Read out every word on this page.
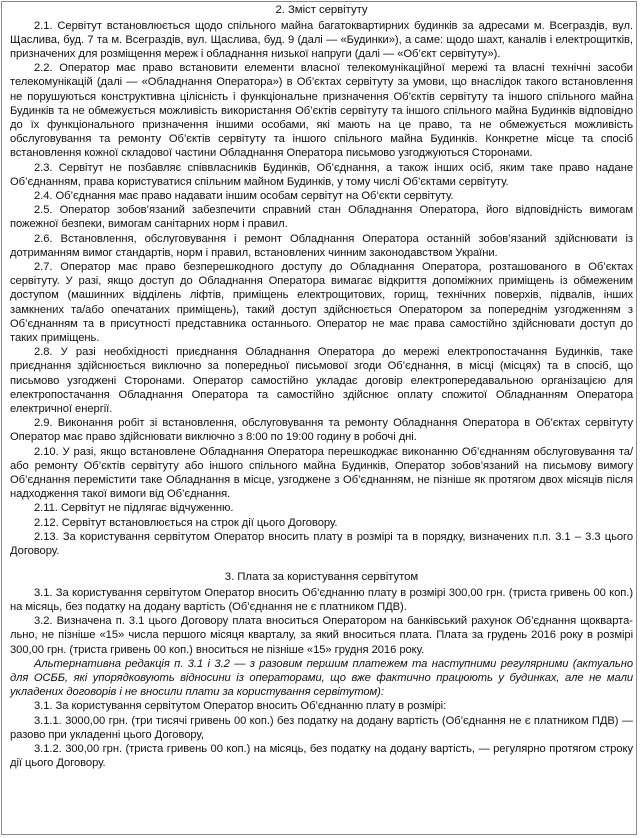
2. Зміст сервітуту

2.1. Сервітут встановлюється щодо спільного майна багатоквартирних будинків за адресами м. Всеграздів, вул. Щаслива, буд. 7 та м. Всеграздів, вул. Щаслива, буд. 9 (далі — «Будинки»), а саме: щодо шахт, каналів і електрощитків, призначених для розміщення мереж і обладнання низької напруги (далі — «Об’єкт сервітуту»).

2.2. Оператор має право встановити елементи власної телекомунікаційної мережі та власні технічні засоби телекомунікацій (далі — «Обладнання Оператора») в Об’єктах сервітуту за умови, що внаслідок такого встановлення не порушуються конструктивна цілісність і функціональне призначення Об’єктів сервітуту та іншого спільного майна Будинків та не обмежується можливість використання Об’єктів сервітуту та іншого спільного майна Будинків відповідно до їх функціонального призначення іншими особами, які мають на це право, та не обмежується можливість обслуговування та ремонту Об’єктів сервітуту та іншого спільного майна Будинків. Конкретне місце та спосіб встановлення кожної складової частини Обладнання Оператора письмово узгоджуються Сторонами.

2.3. Сервітут не позбавляє співвласників Будинків, Об’єднання, а також інших осіб, яким таке право надане Об’єднанням, права користуватися спільним майном Будинків, у тому числі Об’єктами сервітуту.

2.4. Об’єднання має право надавати іншим особам сервітут на Об’єкти сервітуту.

2.5. Оператор зобов’язаний забезпечити справний стан Обладнання Оператора, його відповідність вимогам пожежної безпеки, вимогам санітарних норм і правил.

2.6. Встановлення, обслуговування і ремонт Обладнання Оператора останній зобов’язаний здійснювати із дотриманням вимог стандартів, норм і правил, встановлених чинним законодавством України.

2.7. Оператор має право безперешкодного доступу до Обладнання Оператора, розташованого в Об’єктах сервітуту. У разі, якщо доступ до Обладнання Оператора вимагає відкриття допоміжних приміщень із обмеженим доступом (машинних відділень ліфтів, приміщень електрощитових, горищ, технічних поверхів, підвалів, інших замкнених та/або опечатаних приміщень), такий доступ здійснюється Оператором за попереднім узгодженням з Об’єднанням та в присутності представника останнього. Оператор не має права самостійно здійснювати доступ до таких приміщень.

2.8. У разі необхідності приєднання Обладнання Оператора до мережі електропостачання Будинків, таке приєднання здійснюється виключно за попередньої письмової згоди Об’єднання, в місці (місцях) та в спосіб, що письмово узгоджені Сторонами. Оператор самостійно укладає договір електропередавальною організацією для електропостачання Обладнання Оператора та самостійно здійснює оплату спожитої Обладнанням Оператора електричної енергії.

2.9. Виконання робіт зі встановлення, обслуговування та ремонту Обладнання Оператора в Об’єктах сервітуту Оператор має право здійснювати виключно з 8:00 по 19:00 годину в робочі дні.

2.10. У разі, якщо встановлене Обладнання Оператора перешкоджає виконанню Об’єднанням обслуговування та/або ремонту Об’єктів сервітуту або іншого спільного майна Будинків, Оператор зобов’язаний на письмову вимогу Об’єднання перемістити таке Обладнання в місце, узгоджене з Об’єднанням, не пізніше як протягом двох місяців після надходження такої вимоги від Об’єднання.

2.11. Сервітут не підлягає відчуженню.

2.12. Сервітут встановлюється на строк дії цього Договору.

2.13. За користування сервітутом Оператор вносить плату в розмірі та в порядку, визначених п.п. 3.1 – 3.3 цього Договору.

3. Плата за користування сервітутом

3.1. За користування сервітутом Оператор вносить Об’єднанню плату в розмірі 300,00 грн. (триста гривень 00 коп.) на місяць, без податку на додану вартість (Об’єднання не є платником ПДВ).

3.2. Визначена п. 3.1 цього Договору плата вноситься Оператором на банківський рахунок Об’єднання щоквартально, не пізніше «15» числа першого місяця кварталу, за який вноситься плата. Плата за грудень 2016 року в розмірі 300,00 грн. (триста гривень 00 коп.) вноситься не пізніше «15» грудня 2016 року.

Альтернативна редакція п. 3.1 і 3.2 — з разовим першим платежем та наступними регулярними (актуально для ОСББ, які упорядковують відносини із операторами, що вже фактично працюють у будинках, але не мали укладених договорів і не вносили плати за користування сервітутом):

3.1. За користування сервітутом Оператор вносить Об’єднанню плату в розмірі:

3.1.1. 3000,00 грн. (три тисячі гривень 00 коп.) без податку на додану вартість (Об’єднання не є платником ПДВ) — разово при укладенні цього Договору,

3.1.2. 300,00 грн. (триста гривень 00 коп.) на місяць, без податку на додану вартість, — регулярно протягом строку дії цього Договору.
